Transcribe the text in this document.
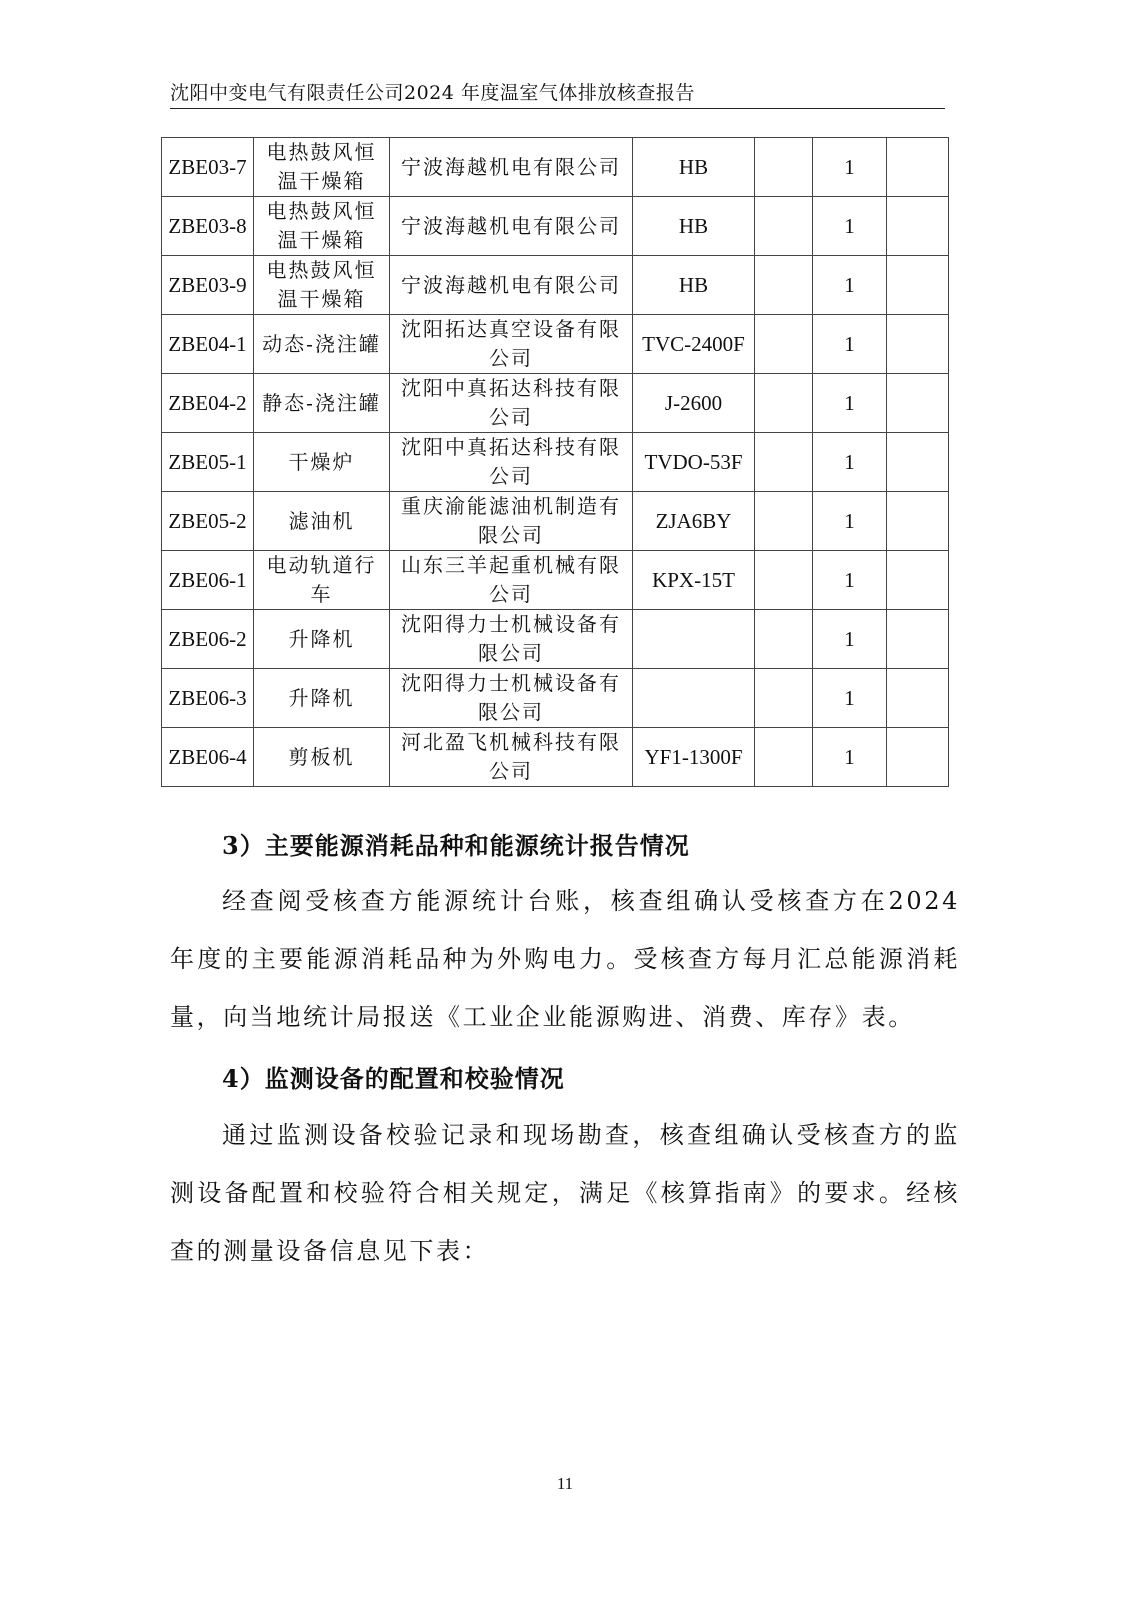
沈阳中变电气有限责任公司2024 年度温室气体排放核查报告
ZBE03-7	电热鼓风恒温干燥箱	宁波海越机电有限公司	HB		1	
ZBE03-8	电热鼓风恒温干燥箱	宁波海越机电有限公司	HB		1	
ZBE03-9	电热鼓风恒温干燥箱	宁波海越机电有限公司	HB		1	
ZBE04-1	动态-浇注罐	沈阳拓达真空设备有限公司	TVC-2400F		1	
ZBE04-2	静态-浇注罐	沈阳中真拓达科技有限公司	J-2600		1	
ZBE05-1	干燥炉	沈阳中真拓达科技有限公司	TVDO-53F		1	
ZBE05-2	滤油机	重庆渝能滤油机制造有限公司	ZJA6BY		1	
ZBE06-1	电动轨道行车	山东三羊起重机械有限公司	KPX-15T		1	
ZBE06-2	升降机	沈阳得力士机械设备有限公司			1	
ZBE06-3	升降机	沈阳得力士机械设备有限公司			1	
ZBE06-4	剪板机	河北盈飞机械科技有限公司	YF1-1300F		1	
3）主要能源消耗品种和能源统计报告情况
经查阅受核查方能源统计台账，核查组确认受核查方在2024 年度的主要能源消耗品种为外购电力。受核查方每月汇总能源消耗量，向当地统计局报送《工业企业能源购进、消费、库存》表。
4）监测设备的配置和校验情况
通过监测设备校验记录和现场勘查，核查组确认受核查方的监测设备配置和校验符合相关规定，满足《核算指南》的要求。经核查的测量设备信息见下表：
11
